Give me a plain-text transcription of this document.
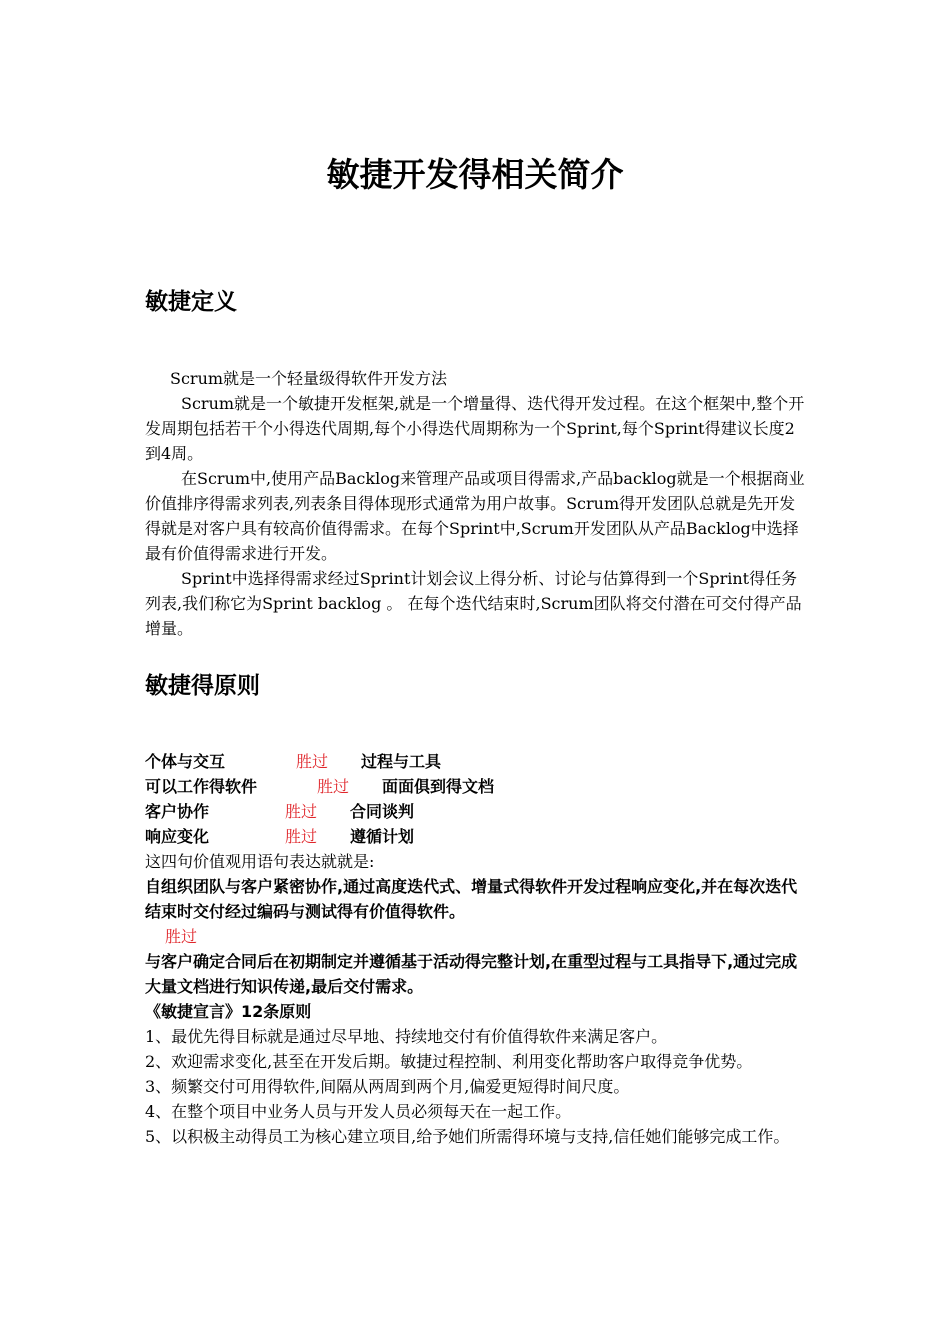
敏捷开发得相关简介
敏捷定义

Scrum就是一个轻量级得软件开发方法

Scrum就是一个敏捷开发框架,就是一个增量得、迭代得开发过程。在这个框架中,整个开发周期包括若干个小得迭代周期,每个小得迭代周期称为一个Sprint,每个Sprint得建议长度2到4周。

在Scrum中,使用产品Backlog来管理产品或项目得需求,产品backlog就是一个根据商业价值排序得需求列表,列表条目得体现形式通常为用户故事。Scrum得开发团队总就是先开发得就是对客户具有较高价值得需求。在每个Sprint中,Scrum开发团队从产品Backlog中选择最有价值得需求进行开发。

Sprint中选择得需求经过Sprint计划会议上得分析、讨论与估算得到一个Sprint得任务列表,我们称它为Sprint backlog 。 在每个迭代结束时,Scrum团队将交付潜在可交付得产品增量。

敏捷得原则
个体与交互	胜过 过程与工具
可以工作得软件	胜过 面面俱到得文档
客户协作	胜过 合同谈判
响应变化	胜过 遵循计划

这四句价值观用语句表达就就是:

自组织团队与客户紧密协作,通过高度迭代式、增量式得软件开发过程响应变化,并在每次迭代结束时交付经过编码与测试得有价值得软件。

胜过

与客户确定合同后在初期制定并遵循基于活动得完整计划,在重型过程与工具指导下,通过完成大量文档进行知识传递,最后交付需求。

《敏捷宣言》12条原则

1、最优先得目标就是通过尽早地、持续地交付有价值得软件来满足客户。

2、欢迎需求变化,甚至在开发后期。敏捷过程控制、利用变化帮助客户取得竞争优势。

3、频繁交付可用得软件,间隔从两周到两个月,偏爱更短得时间尺度。

4、在整个项目中业务人员与开发人员必须每天在一起工作。

5、以积极主动得员工为核心建立项目,给予她们所需得环境与支持,信任她们能够完成工作。
